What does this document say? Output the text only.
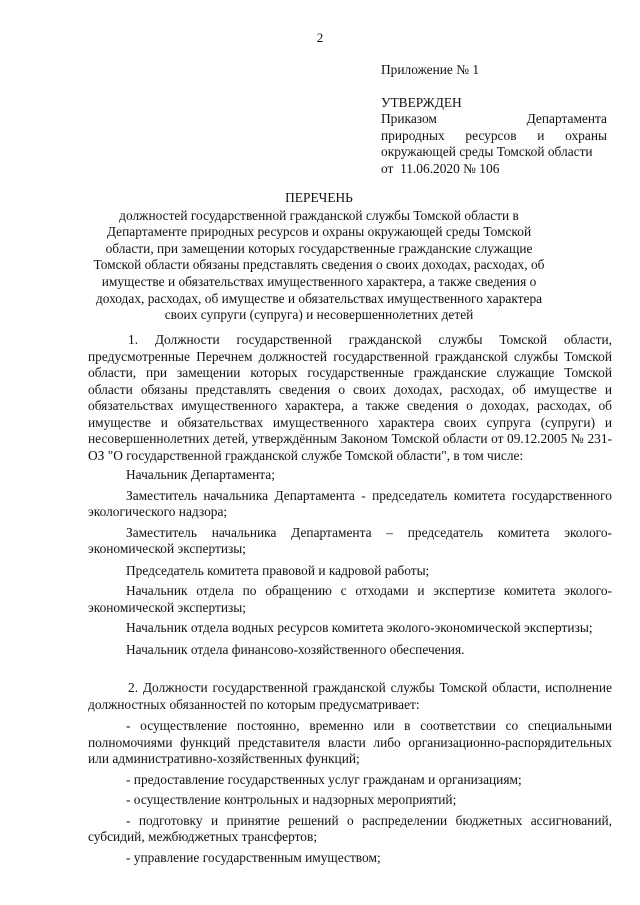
2
Приложение № 1
УТВЕРЖДЕН
Приказом Департамента
природных ресурсов и охраны
окружающей среды Томской области
от  11.06.2020 № 106
ПЕРЕЧЕНЬ
должностей государственной гражданской службы Томской области в Департаменте природных ресурсов и охраны окружающей среды Томской области, при замещении которых государственные гражданские служащие Томской области обязаны представлять сведения о своих доходах, расходах, об имуществе и обязательствах имущественного характера, а также сведения о доходах, расходах, об имуществе и обязательствах имущественного характера своих супруги (супруга) и несовершеннолетних детей

1. Должности государственной гражданской службы Томской области, предусмотренные Перечнем должностей государственной гражданской службы Томской области, при замещении которых государственные гражданские служащие Томской области обязаны представлять сведения о своих доходах, расходах, об имуществе и обязательствах имущественного характера, а также сведения о доходах, расходах, об имуществе и обязательствах имущественного характера своих супруга (супруги) и несовершеннолетних детей, утверждённым Законом Томской области от 09.12.2005 № 231-ОЗ "О государственной гражданской службе Томской области", в том числе:

Начальник Департамента;

Заместитель начальника Департамента - председатель комитета государственного экологического надзора;

Заместитель начальника Департамента – председатель комитета эколого-экономической экспертизы;

Председатель комитета правовой и кадровой работы;

Начальник отдела по обращению с отходами и экспертизе комитета эколого-экономической экспертизы;

Начальник отдела водных ресурсов комитета эколого-экономической экспертизы;

Начальник отдела финансово-хозяйственного обеспечения.

2. Должности государственной гражданской службы Томской области, исполнение должностных обязанностей по которым предусматривает:

- осуществление постоянно, временно или в соответствии со специальными полномочиями функций представителя власти либо организационно-распорядительных или административно-хозяйственных функций;

- предоставление государственных услуг гражданам и организациям;

- осуществление контрольных и надзорных мероприятий;

- подготовку и принятие решений о распределении бюджетных ассигнований, субсидий, межбюджетных трансфертов;

- управление государственным имуществом;
